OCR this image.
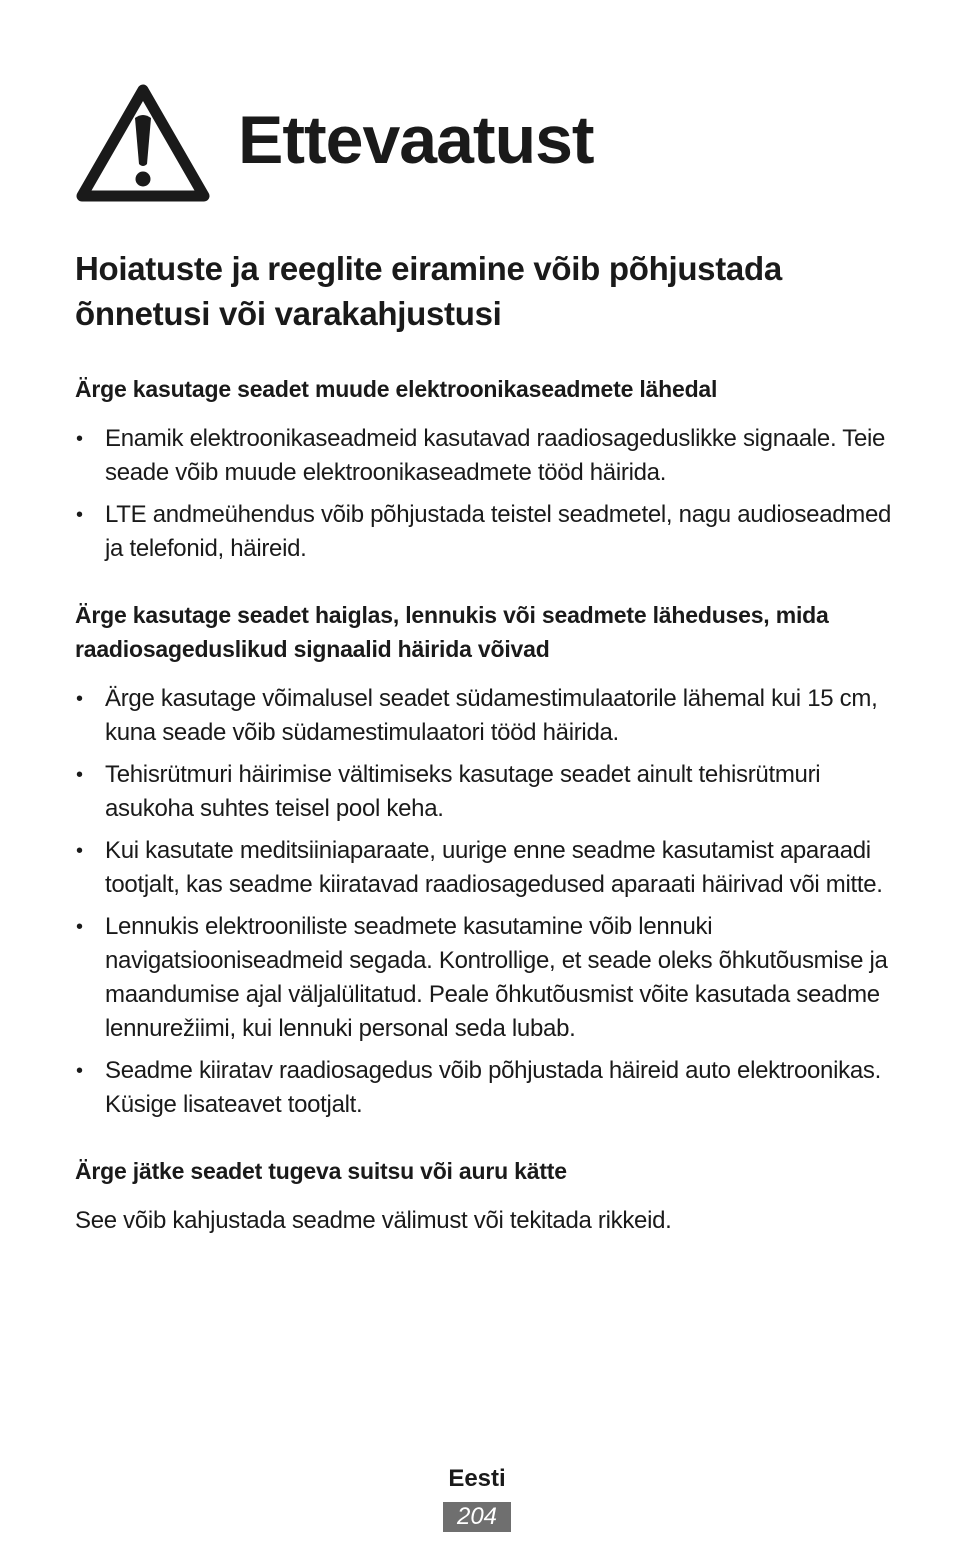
Ettevaatust
Hoiatuste ja reeglite eiramine võib põhjustada õnnetusi või varakahjustusi
Ärge kasutage seadet muude elektroonikaseadmete lähedal
• Enamik elektroonikaseadmeid kasutavad raadiosageduslikke signaale. Teie seade võib muude elektroonikaseadmete tööd häirida.
• LTE andmeühendus võib põhjustada teistel seadmetel, nagu audioseadmed ja telefonid, häireid.
Ärge kasutage seadet haiglas, lennukis või seadmete läheduses, mida raadiosageduslikud signaalid häirida võivad
• Ärge kasutage võimalusel seadet südamestimulaatorile lähemal kui 15 cm, kuna seade võib südamestimulaatori tööd häirida.
• Tehisrütmuri häirimise vältimiseks kasutage seadet ainult tehisrütmuri asukoha suhtes teisel pool keha.
• Kui kasutate meditsiiniaparaate, uurige enne seadme kasutamist aparaadi tootjalt, kas seadme kiiratavad raadiosagedused aparaati häirivad või mitte.
• Lennukis elektrooniliste seadmete kasutamine võib lennuki navigatsiooniseadmeid segada. Kontrollige, et seade oleks õhkutõusmise ja maandumise ajal väljalülitatud. Peale õhkutõusmist võite kasutada seadme lennurežiimi, kui lennuki personal seda lubab.
• Seadme kiiratav raadiosagedus võib põhjustada häireid auto elektroonikas. Küsige lisateavet tootjalt.
Ärge jätke seadet tugeva suitsu või auru kätte

See võib kahjustada seadme välimust või tekitada rikkeid.

Eesti
204
